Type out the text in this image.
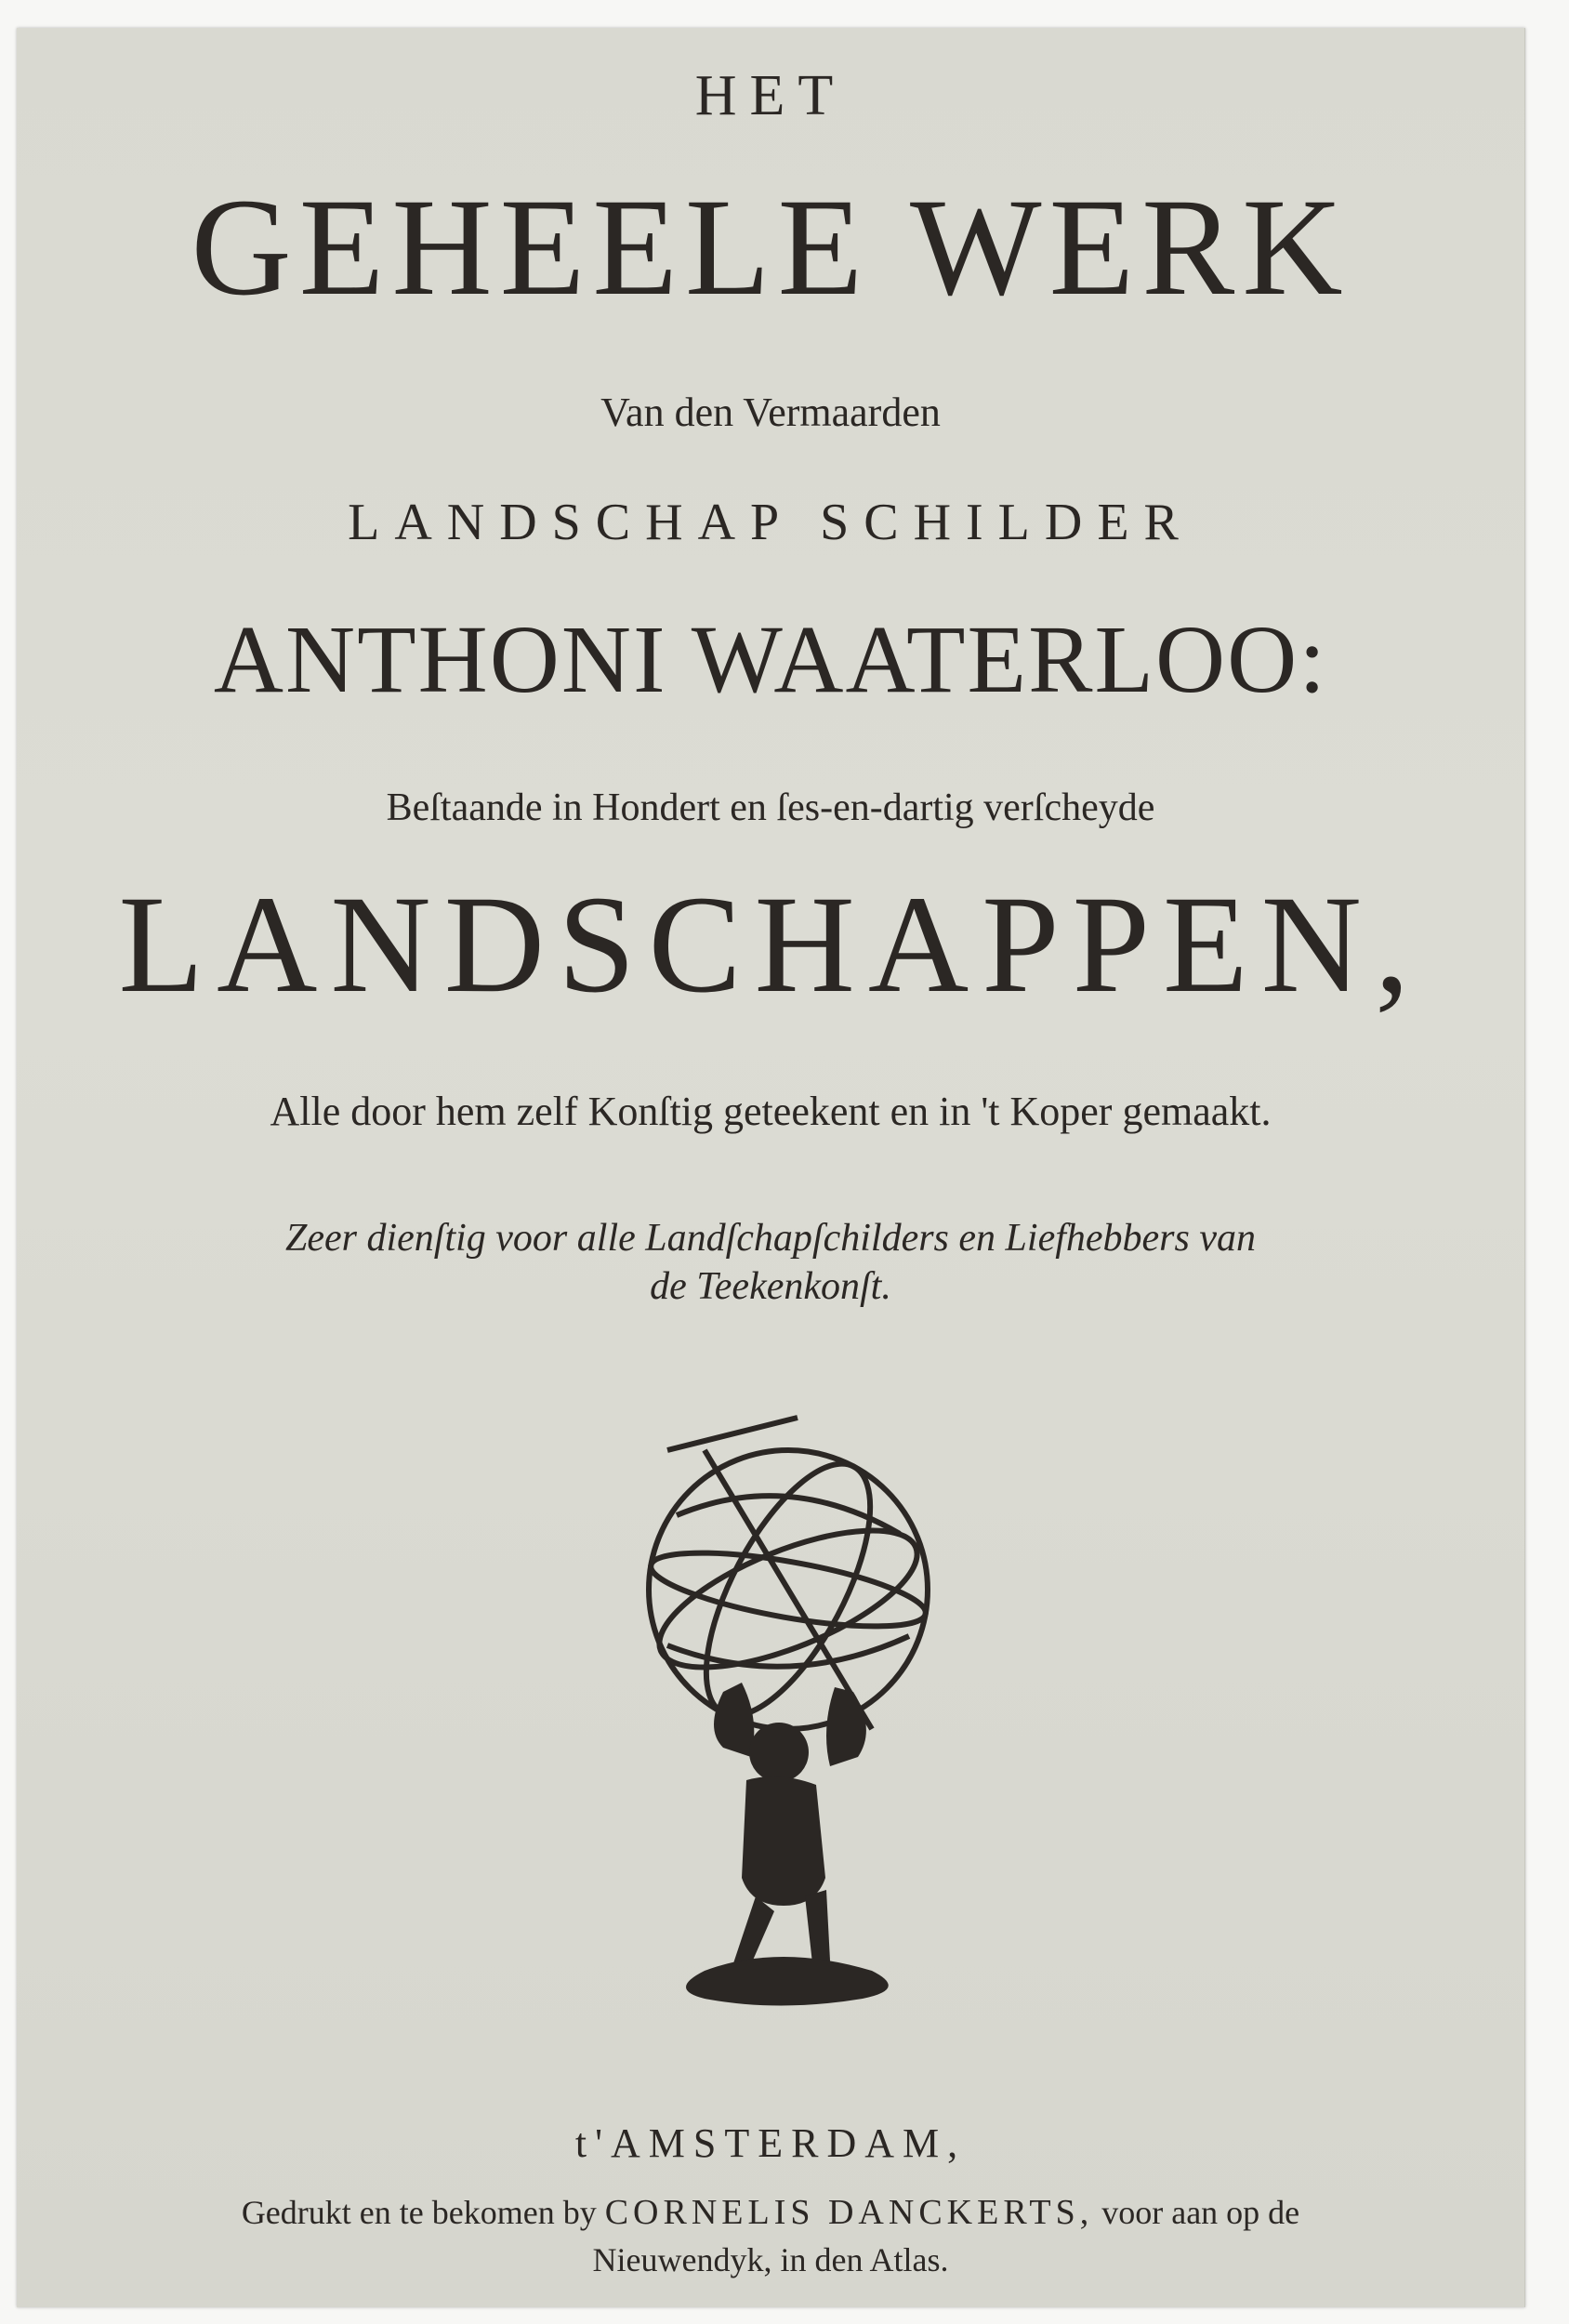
HET
GEHEELE WERK
Van den Vermaarden
LANDSCHAP SCHILDER
ANTHONI WAATERLOO:
Beſtaande in Hondert en ſes-en-dartig verſcheyde
LANDSCHAPPEN,
Alle door hem zelf Konſtig geteekent en in 't Koper gemaakt.
Zeer dienſtig voor alle Landſchapſchilders en Liefhebbers van
de Teekenkonſt.
t'AMSTERDAM,
Gedrukt en te bekomen by CORNELIS DANCKERTS, voor aan op de
Nieuwendyk, in den Atlas.
